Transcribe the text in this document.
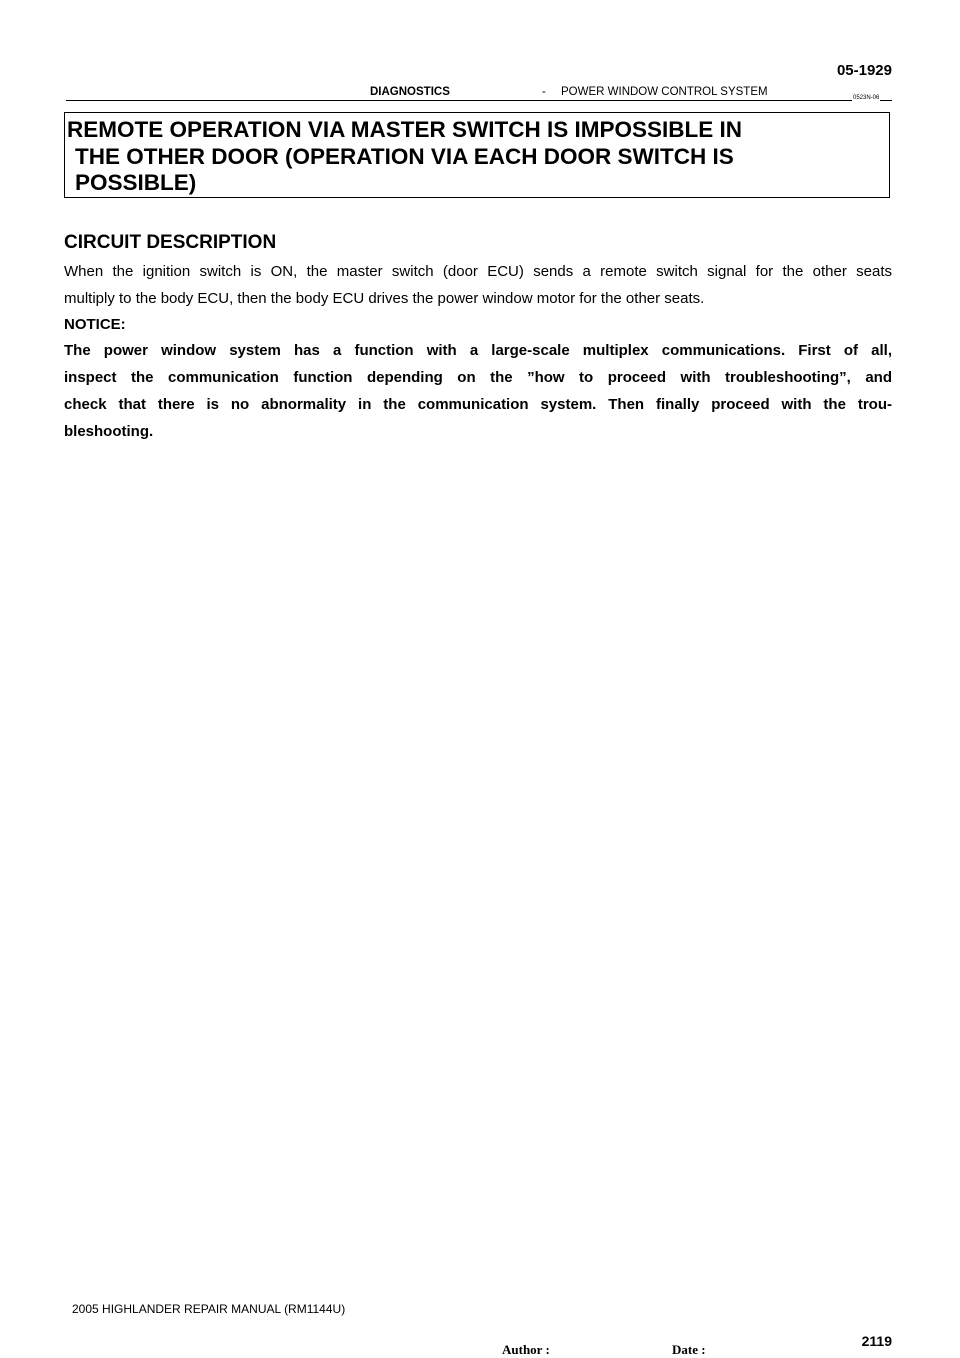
05-1929
DIAGNOSTICS	- POWER WINDOW CONTROL SYSTEM	0523N-06
REMOTE OPERATION VIA MASTER SWITCH IS IMPOSSIBLE IN
THE OTHER DOOR (OPERATION VIA EACH DOOR SWITCH IS
POSSIBLE)
CIRCUIT DESCRIPTION
When the ignition switch is ON, the master switch (door ECU) sends a remote switch signal for the other seats
multiply to the body ECU, then the body ECU drives the power window motor for the other seats.
NOTICE:
The power window system has a function with a large-scale multiplex communications. First of all,
inspect the communication function depending on the ”how to proceed with troubleshooting”, and
check that there is no abnormality in the communication system. Then finally proceed with the trou-
bleshooting.
2005 HIGHLANDER REPAIR MANUAL (RM1144U)
Author :	Date :
2119
